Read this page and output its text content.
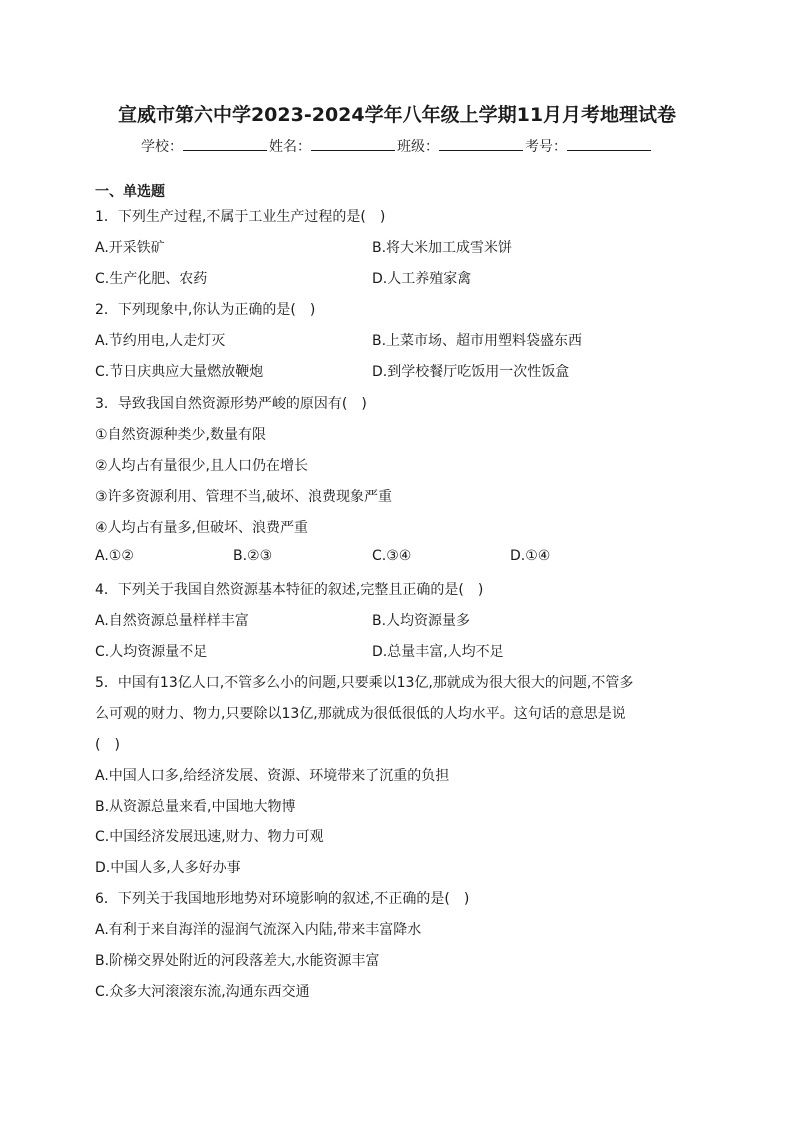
宣威市第六中学2023-2024学年八年级上学期11月月考地理试卷
学校：	姓名：	班级：	考号：
一、单选题
1．下列生产过程,不属于工业生产过程的是(　)
A.开采铁矿	B.将大米加工成雪米饼
C.生产化肥、农药	D.人工养殖家禽
2．下列现象中,你认为正确的是(　)
A.节约用电,人走灯灭	B.上菜市场、超市用塑料袋盛东西
C.节日庆典应大量燃放鞭炮	D.到学校餐厅吃饭用一次性饭盒
3．导致我国自然资源形势严峻的原因有(　)
①自然资源种类少,数量有限
②人均占有量很少,且人口仍在增长
③许多资源利用、管理不当,破坏、浪费现象严重
④人均占有量多,但破坏、浪费严重
A.①②	B.②③	C.③④	D.①④
4．下列关于我国自然资源基本特征的叙述,完整且正确的是(　)
A.自然资源总量样样丰富	B.人均资源量多
C.人均资源量不足	D.总量丰富,人均不足
5．中国有13亿人口,不管多么小的问题,只要乘以13亿,那就成为很大很大的问题,不管多
么可观的财力、物力,只要除以13亿,那就成为很低很低的人均水平。这句话的意思是说
(　)
A.中国人口多,给经济发展、资源、环境带来了沉重的负担
B.从资源总量来看,中国地大物博
C.中国经济发展迅速,财力、物力可观
D.中国人多,人多好办事
6．下列关于我国地形地势对环境影响的叙述,不正确的是(　)
A.有利于来自海洋的湿润气流深入内陆,带来丰富降水
B.阶梯交界处附近的河段落差大,水能资源丰富
C.众多大河滚滚东流,沟通东西交通
